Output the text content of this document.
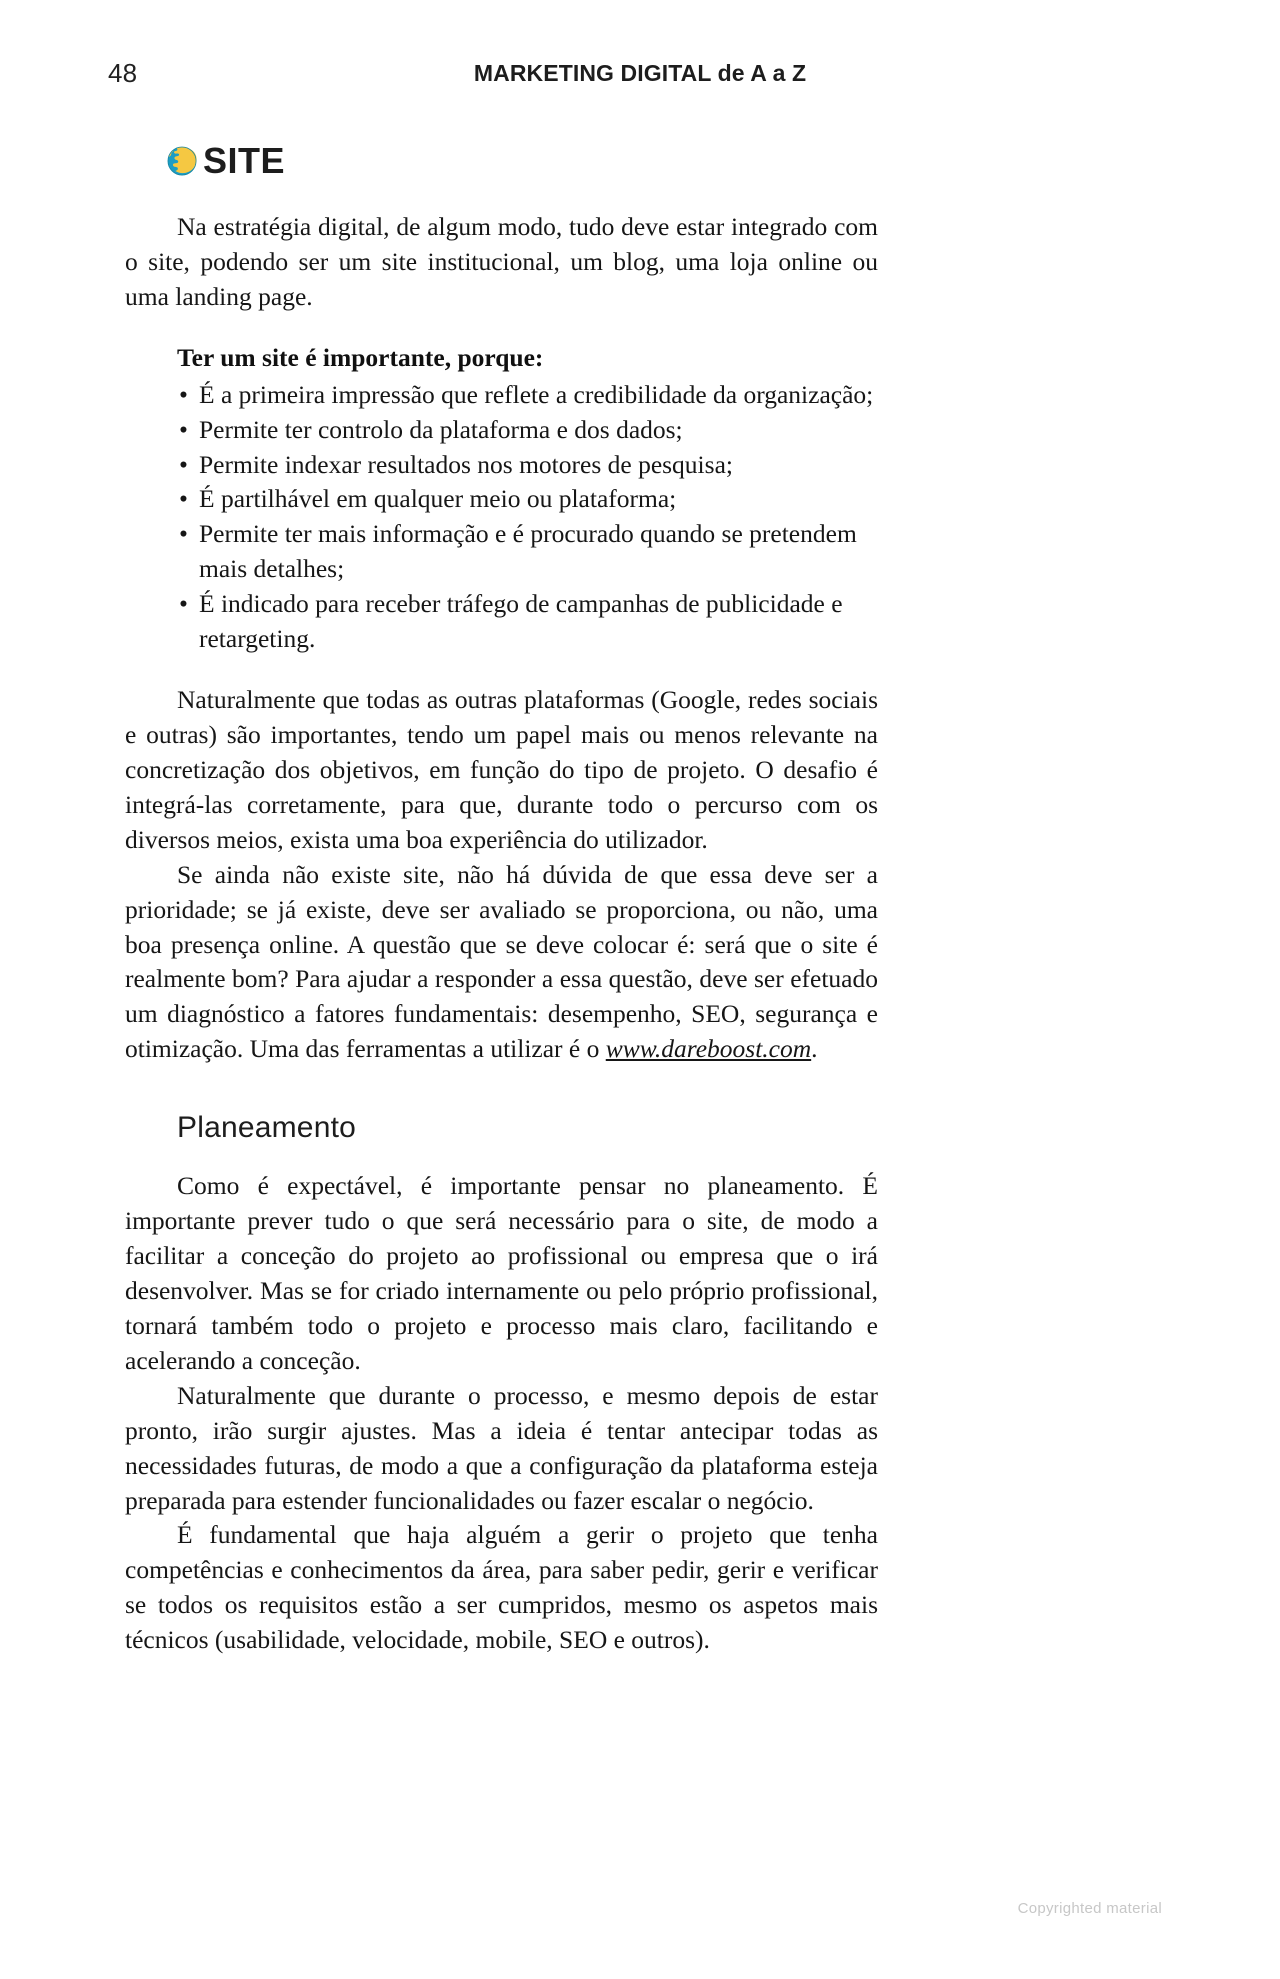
48	MARKETING DIGITAL de A a Z
SITE

Na estratégia digital, de algum modo, tudo deve estar integrado com o site, podendo ser um site institucional, um blog, uma loja online ou uma landing page.

Ter um site é importante, porque:

• É a primeira impressão que reflete a credibilidade da organização;
• Permite ter controlo da plataforma e dos dados;
• Permite indexar resultados nos motores de pesquisa;
• É partilhável em qualquer meio ou plataforma;
• Permite ter mais informação e é procurado quando se pretendem mais detalhes;
• É indicado para receber tráfego de campanhas de publicidade e retargeting.

Naturalmente que todas as outras plataformas (Google, redes sociais e outras) são importantes, tendo um papel mais ou menos relevante na concretização dos objetivos, em função do tipo de projeto. O desafio é integrá-las corretamente, para que, durante todo o percurso com os diversos meios, exista uma boa experiência do utilizador.

Se ainda não existe site, não há dúvida de que essa deve ser a prioridade; se já existe, deve ser avaliado se proporciona, ou não, uma boa presença online. A questão que se deve colocar é: será que o site é realmente bom? Para ajudar a responder a essa questão, deve ser efetuado um diagnóstico a fatores fundamentais: desempenho, SEO, segurança e otimização. Uma das ferramentas a utilizar é o www.dareboost.com.

Planeamento

Como é expectável, é importante pensar no planeamento. É importante prever tudo o que será necessário para o site, de modo a facilitar a conceção do projeto ao profissional ou empresa que o irá desenvolver. Mas se for criado internamente ou pelo próprio profissional, tornará também todo o projeto e processo mais claro, facilitando e acelerando a conceção.

Naturalmente que durante o processo, e mesmo depois de estar pronto, irão surgir ajustes. Mas a ideia é tentar antecipar todas as necessidades futuras, de modo a que a configuração da plataforma esteja preparada para estender funcionalidades ou fazer escalar o negócio.

É fundamental que haja alguém a gerir o projeto que tenha competências e conhecimentos da área, para saber pedir, gerir e verificar se todos os requisitos estão a ser cumpridos, mesmo os aspetos mais técnicos (usabilidade, velocidade, mobile, SEO e outros).

Copyrighted material
